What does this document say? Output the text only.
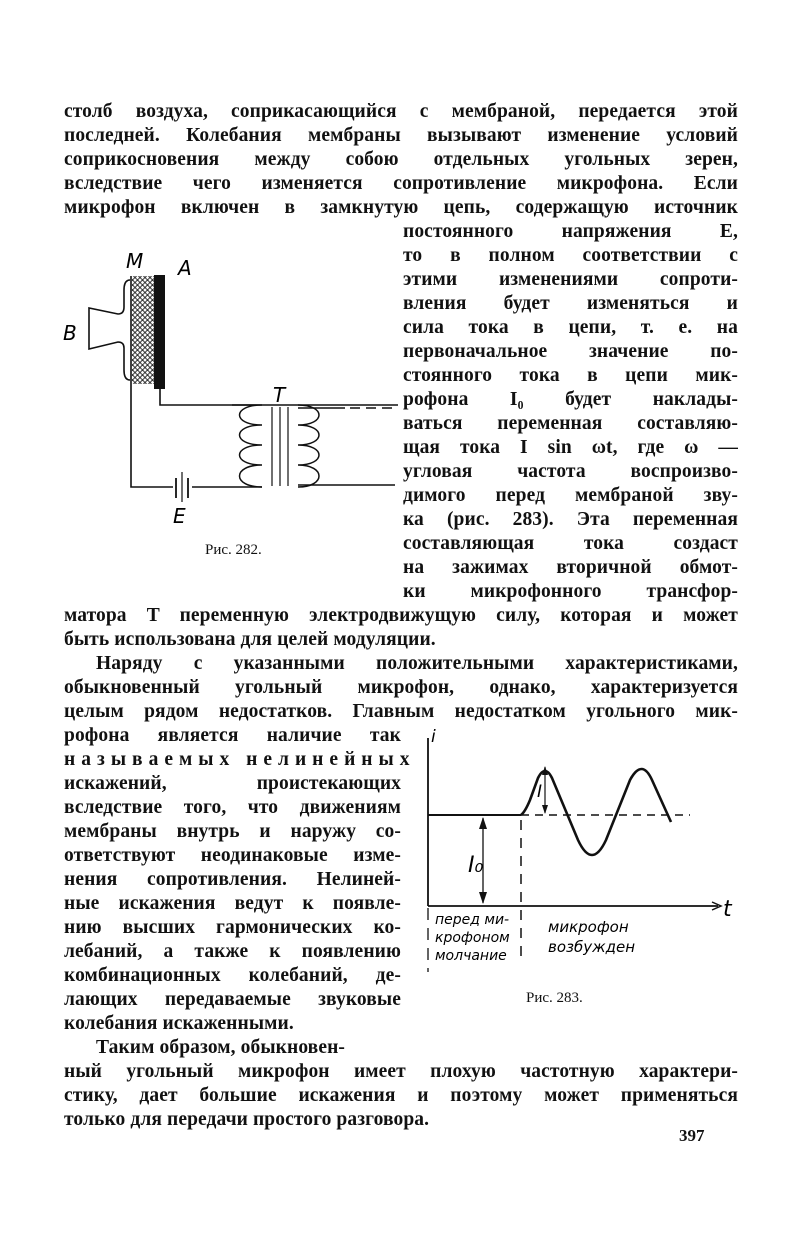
столб воздуха, соприкасающийся с мембраной, передается этой
последней. Колебания мембраны вызывают изменение условий
соприкосновения между собою отдельных угольных зерен,
вследствие чего изменяется сопротивление микрофона. Если
микрофон включен в замкнутую цепь, содержащую источник
постоянного напряжения E,
то в полном соответствии с
этими изменениями сопроти-
вления будет изменяться и
сила тока в цепи, т. е. на
первоначальное значение по-
стоянного тока в цепи мик-
рофона I₀ будет наклады-
ваться переменная составляю-
щая тока I sin ωt, где ω —
угловая частота воспроизво-
димого перед мембраной зву-
ка (рис. 283). Эта переменная
составляющая тока создаст
на зажимах вторичной обмот-
ки микрофонного трансфор-
матора T переменную электродвижущую силу, которая и может
быть использована для целей модуляции.
Наряду с указанными положительными характеристиками,
обыкновенный угольный микрофон, однако, характеризуется
целым рядом недостатков. Главным недостатком угольного мик-
рофона является наличие так
называемых нелинейных
искажений, проистекающих
вследствие того, что движениям
мембраны внутрь и наружу со-
ответствуют неодинаковые изме-
нения сопротивления. Нелиней-
ные искажения ведут к появле-
нию высших гармонических ко-
лебаний, а также к появлению
комбинационных колебаний, де-
лающих передаваемые звуковые
колебания искаженными.
Таким образом, обыкновен-
ный угольный микрофон имеет плохую частотную характери-
стику, дает большие искажения и поэтому может применяться
только для передачи простого разговора.
M A
B
T
E
Рис. 282.
i
t
I₀
I
перед ми-
крофоном
молчание
микрофон
возбужден
Рис. 283.
397
